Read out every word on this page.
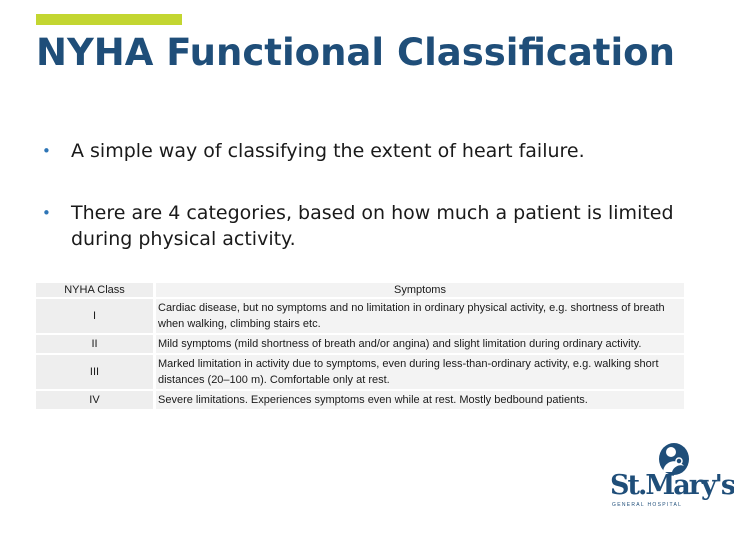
NYHA Functional Classification
• A simple way of classifying the extent of heart failure.
• There are 4 categories, based on how much a patient is limited during physical activity.
NYHA Class	Symptoms
I	Cardiac disease, but no symptoms and no limitation in ordinary physical activity, e.g. shortness of breath when walking, climbing stairs etc.
II	Mild symptoms (mild shortness of breath and/or angina) and slight limitation during ordinary activity.
III	Marked limitation in activity due to symptoms, even during less-than-ordinary activity, e.g. walking short distances (20–100 m). Comfortable only at rest.
IV	Severe limitations. Experiences symptoms even while at rest. Mostly bedbound patients.
St.Mary's
GENERAL HOSPITAL
